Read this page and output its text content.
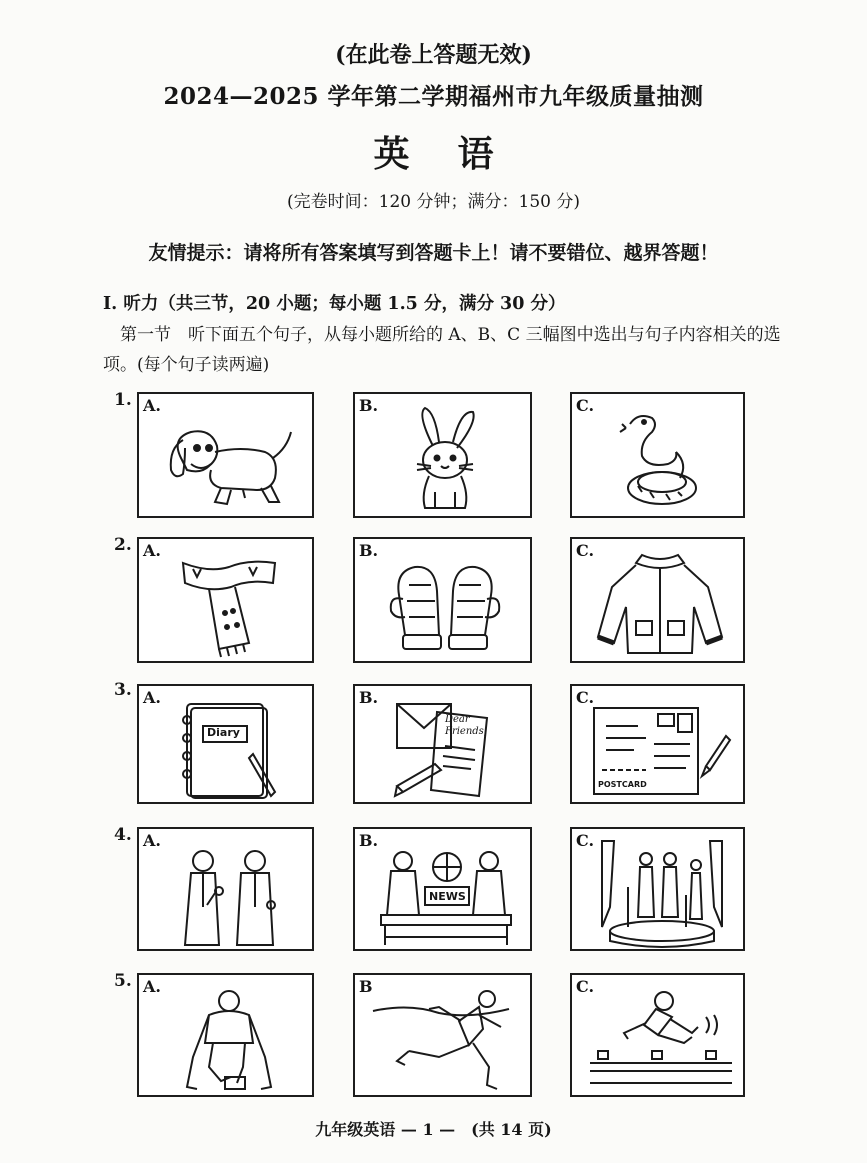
(在此卷上答题无效)
2024—2025 学年第二学期福州市九年级质量抽测
英语
(完卷时间：120 分钟；满分：150 分)
友情提示：请将所有答案填写到答题卡上！请不要错位、越界答题！
I. 听力（共三节，20 小题；每小题 1.5 分，满分 30 分）
第一节　听下面五个句子，从每小题所给的 A、B、C 三幅图中选出与句子内容相关的选项。(每个句子读两遍)
1. A.	B.	C.
2. A.	B.	C.
3. A.
Diary
B.
Dear Friends,
C.
POSTCARD
4. A.	B.
NEWS
C.
5. A.	B	C.
九年级英语 — 1 —　(共 14 页)
